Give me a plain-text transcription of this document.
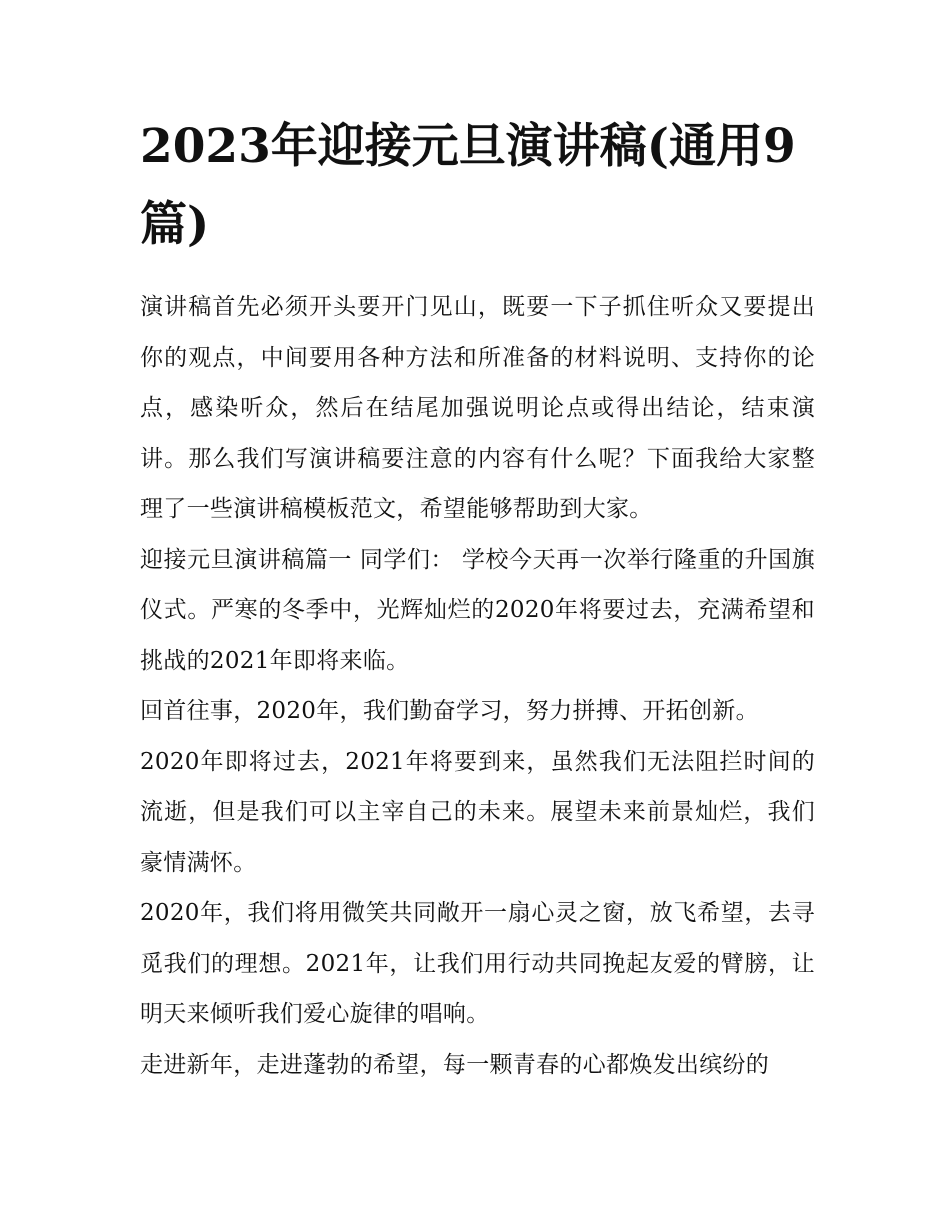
2023年迎接元旦演讲稿(通用9篇)

演讲稿首先必须开头要开门见山，既要一下子抓住听众又要提出你的观点，中间要用各种方法和所准备的材料说明、支持你的论点，感染听众，然后在结尾加强说明论点或得出结论，结束演讲。那么我们写演讲稿要注意的内容有什么呢？下面我给大家整理了一些演讲稿模板范文，希望能够帮助到大家。

迎接元旦演讲稿篇一 同学们： 学校今天再一次举行隆重的升国旗仪式。严寒的冬季中，光辉灿烂的2020年将要过去，充满希望和挑战的2021年即将来临。

回首往事，2020年，我们勤奋学习，努力拼搏、开拓创新。

2020年即将过去，2021年将要到来，虽然我们无法阻拦时间的流逝，但是我们可以主宰自己的未来。展望未来前景灿烂，我们豪情满怀。

2020年，我们将用微笑共同敞开一扇心灵之窗，放飞希望，去寻觅我们的理想。2021年，让我们用行动共同挽起友爱的臂膀，让明天来倾听我们爱心旋律的唱响。

走进新年，走进蓬勃的希望，每一颗青春的心都焕发出缤纷的
